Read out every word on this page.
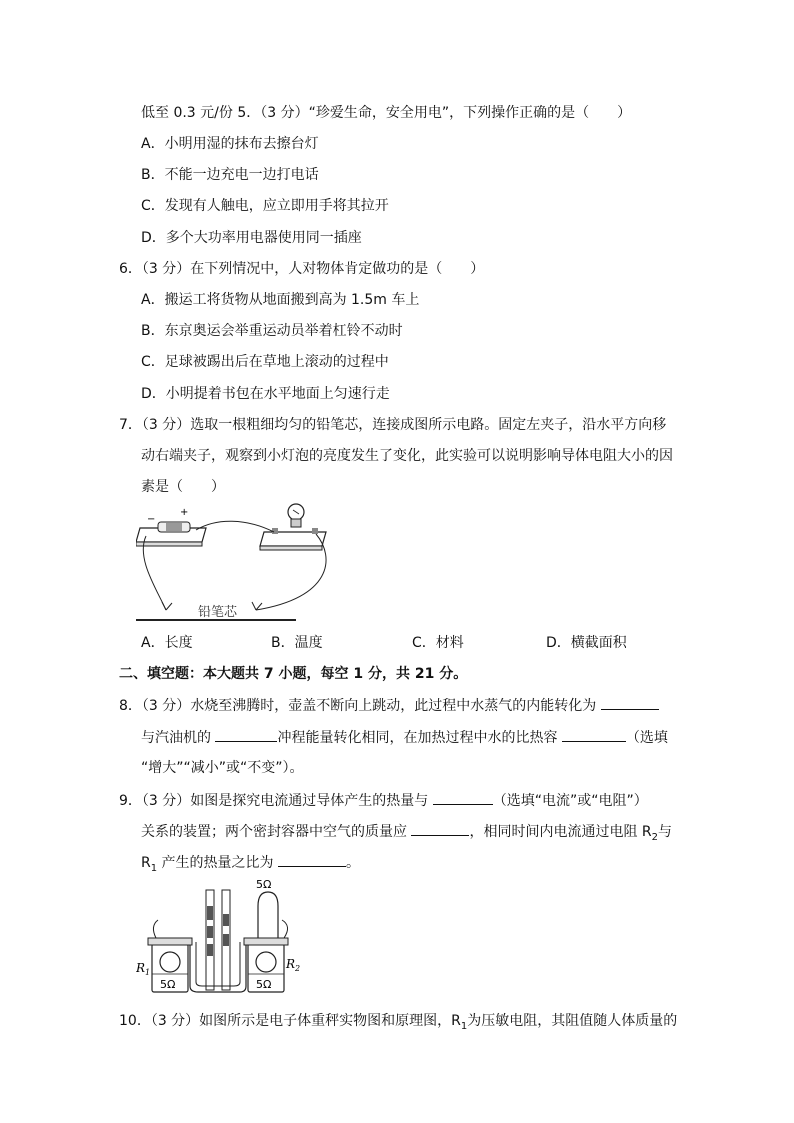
低至 0.3 元/份 5．（3 分）“珍爱生命，安全用电”，下列操作正确的是（　　）
A．小明用湿的抹布去擦台灯
B．不能一边充电一边打电话
C．发现有人触电，应立即用手将其拉开
D．多个大功率用电器使用同一插座
6．（3 分）在下列情况中，人对物体肯定做功的是（　　）
A．搬运工将货物从地面搬到高为 1.5m 车上
B．东京奥运会举重运动员举着杠铃不动时
C．足球被踢出后在草地上滚动的过程中
D．小明提着书包在水平地面上匀速行走
7．（3 分）选取一根粗细均匀的铅笔芯，连接成图所示电路。固定左夹子，沿水平方向移
动右端夹子，观察到小灯泡的亮度发生了变化，此实验可以说明影响导体电阻大小的因
素是（　　）
−
+
铅笔芯
A．长度	B．温度	C．材料	D．横截面积
二、填空题：本大题共 7 小题，每空 1 分，共 21 分。
8．（3 分）水烧至沸腾时，壶盖不断向上跳动，此过程中水蒸气的内能转化为
与汽油机的	冲程能量转化相同，在加热过程中水的比热容	（选填
“增大”“减小”或“不变”）。
9．（3 分）如图是探究电流通过导体产生的热量与	（选填“电流”或“电阻”）
关系的装置；两个密封容器中空气的质量应	，相同时间内电流通过电阻 $R_2$与
$R_1$ 产生的热量之比为	。
5Ω	5Ω
5Ω
$R_1$
$R_2$
10．（3 分）如图所示是电子体重秤实物图和原理图，$R_1$为压敏电阻，其阻值随人体质量的
